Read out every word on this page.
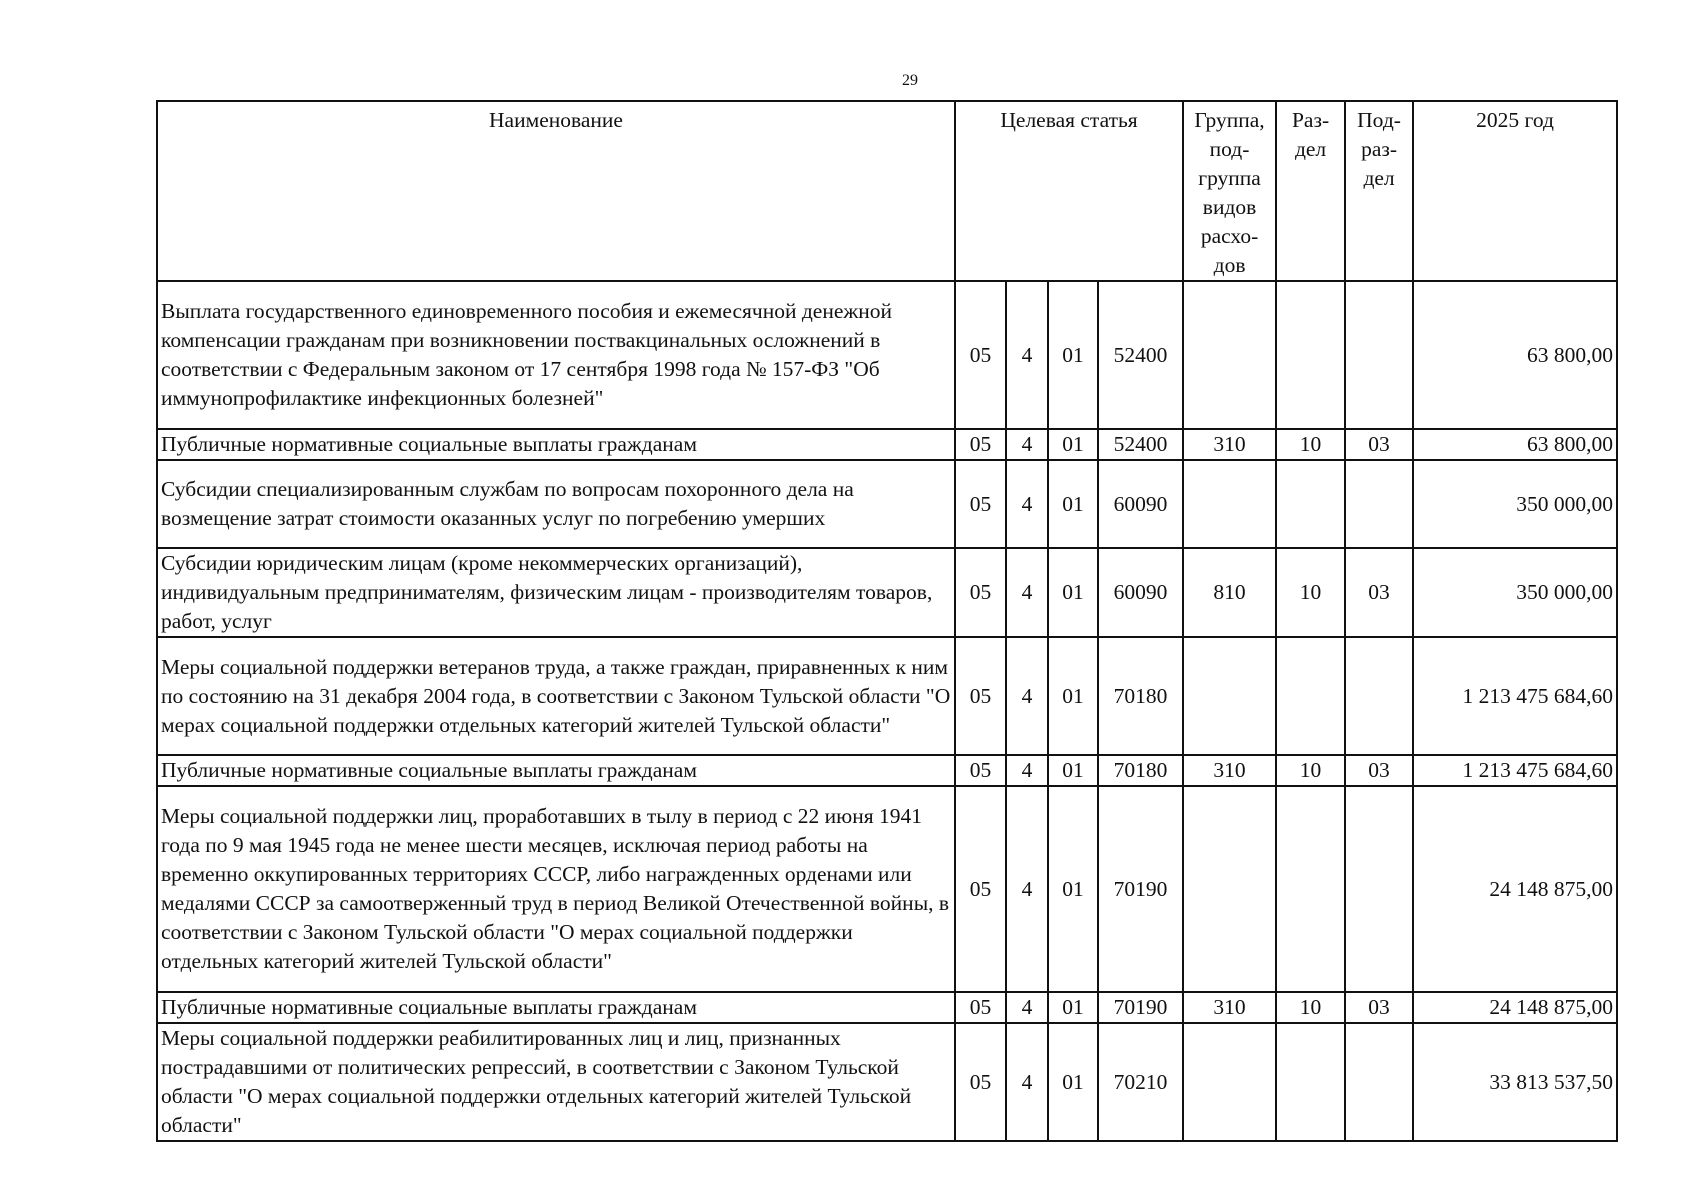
29
Наименование	Целевая статья				Группа, под-группа видов расхо-дов	Раз-дел	Под-раз-дел	2025 год
Выплата государственного единовременного пособия и ежемесячной денежной компенсации гражданам при возникновении поствакцинальных осложнений в соответствии с Федеральным законом от 17 сентября 1998 года № 157-ФЗ "Об иммунопрофилактике инфекционных болезней"	05	4	01	52400				63 800,00
Публичные нормативные социальные выплаты гражданам	05	4	01	52400	310	10	03	63 800,00
Субсидии специализированным службам по вопросам похоронного дела на возмещение затрат стоимости оказанных услуг по погребению умерших	05	4	01	60090				350 000,00
Субсидии юридическим лицам (кроме некоммерческих организаций), индивидуальным предпринимателям, физическим лицам - производителям товаров, работ, услуг	05	4	01	60090	810	10	03	350 000,00
Меры социальной поддержки ветеранов труда, а также граждан, приравненных к ним по состоянию на 31 декабря 2004 года, в соответствии с Законом Тульской области "О мерах социальной поддержки отдельных категорий жителей Тульской области"	05	4	01	70180				1 213 475 684,60
Публичные нормативные социальные выплаты гражданам	05	4	01	70180	310	10	03	1 213 475 684,60
Меры социальной поддержки лиц, проработавших в тылу в период с 22 июня 1941 года по 9 мая 1945 года не менее шести месяцев, исключая период работы на временно оккупированных территориях СССР, либо награжденных орденами или медалями СССР за самоотверженный труд в период Великой Отечественной войны, в соответствии с Законом Тульской области "О мерах социальной поддержки отдельных категорий жителей Тульской области"	05	4	01	70190				24 148 875,00
Публичные нормативные социальные выплаты гражданам	05	4	01	70190	310	10	03	24 148 875,00
Меры социальной поддержки реабилитированных лиц и лиц, признанных пострадавшими от политических репрессий, в соответствии с Законом Тульской области "О мерах социальной поддержки отдельных категорий жителей Тульской области"	05	4	01	70210				33 813 537,50
